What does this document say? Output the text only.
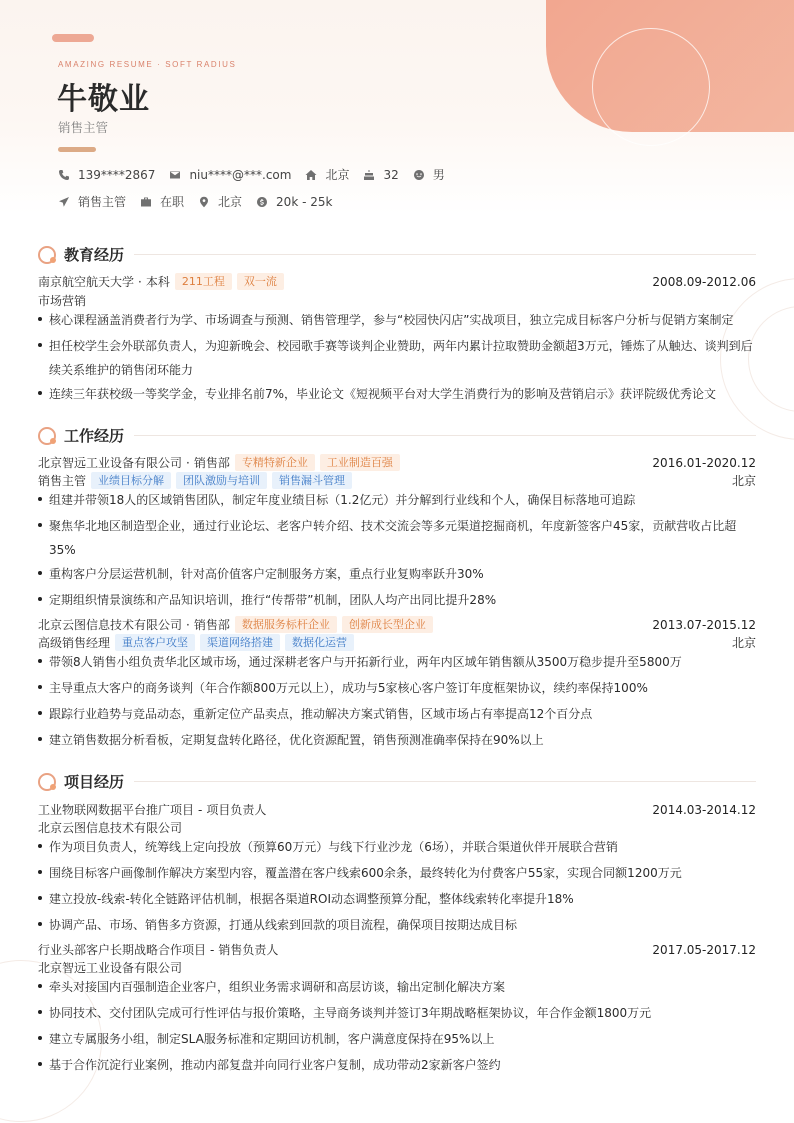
AMAZING RESUME · SOFT RADIUS
牛敬业
销售主管
139****2867	niu****@***.com	北京	32	男
销售主管	在职	北京	20k - 25k
教育经历
南京航空航天大学 · 本科	211工程	双一流	2008.09-2012.06
市场营销
核心课程涵盖消费者行为学、市场调查与预测、销售管理学，参与“校园快闪店”实战项目，独立完成目标客户分析与促销方案制定
担任校学生会外联部负责人，为迎新晚会、校园歌手赛等谈判企业赞助，两年内累计拉取赞助金额超3万元，锤炼了从触达、谈判到后续关系维护的销售闭环能力
连续三年获校级一等奖学金，专业排名前7%，毕业论文《短视频平台对大学生消费行为的影响及营销启示》获评院级优秀论文
工作经历
北京智远工业设备有限公司 · 销售部	专精特新企业	工业制造百强	2016.01-2020.12
销售主管	业绩目标分解	团队激励与培训	销售漏斗管理	北京
组建并带领18人的区域销售团队，制定年度业绩目标（1.2亿元）并分解到行业线和个人，确保目标落地可追踪
聚焦华北地区制造型企业，通过行业论坛、老客户转介绍、技术交流会等多元渠道挖掘商机，年度新签客户45家，贡献营收占比超35%
重构客户分层运营机制，针对高价值客户定制服务方案，重点行业复购率跃升30%
定期组织情景演练和产品知识培训，推行“传帮带”机制，团队人均产出同比提升28%
北京云图信息技术有限公司 · 销售部	数据服务标杆企业	创新成长型企业	2013.07-2015.12
高级销售经理	重点客户攻坚	渠道网络搭建	数据化运营	北京
带领8人销售小组负责华北区域市场，通过深耕老客户与开拓新行业，两年内区域年销售额从3500万稳步提升至5800万
主导重点大客户的商务谈判（年合作额800万元以上），成功与5家核心客户签订年度框架协议，续约率保持100%
跟踪行业趋势与竞品动态，重新定位产品卖点，推动解决方案式销售，区域市场占有率提高12个百分点
建立销售数据分析看板，定期复盘转化路径，优化资源配置，销售预测准确率保持在90%以上
项目经历
工业物联网数据平台推广项目 - 项目负责人	2014.03-2014.12
北京云图信息技术有限公司
作为项目负责人，统筹线上定向投放（预算60万元）与线下行业沙龙（6场），并联合渠道伙伴开展联合营销
围绕目标客户画像制作解决方案型内容，覆盖潜在客户线索600余条，最终转化为付费客户55家，实现合同额1200万元
建立投放-线索-转化全链路评估机制，根据各渠道ROI动态调整预算分配，整体线索转化率提升18%
协调产品、市场、销售多方资源，打通从线索到回款的项目流程，确保项目按期达成目标
行业头部客户长期战略合作项目 - 销售负责人	2017.05-2017.12
北京智远工业设备有限公司
牵头对接国内百强制造企业客户，组织业务需求调研和高层访谈，输出定制化解决方案
协同技术、交付团队完成可行性评估与报价策略，主导商务谈判并签订3年期战略框架协议，年合作金额1800万元
建立专属服务小组，制定SLA服务标准和定期回访机制，客户满意度保持在95%以上
基于合作沉淀行业案例，推动内部复盘并向同行业客户复制，成功带动2家新客户签约
